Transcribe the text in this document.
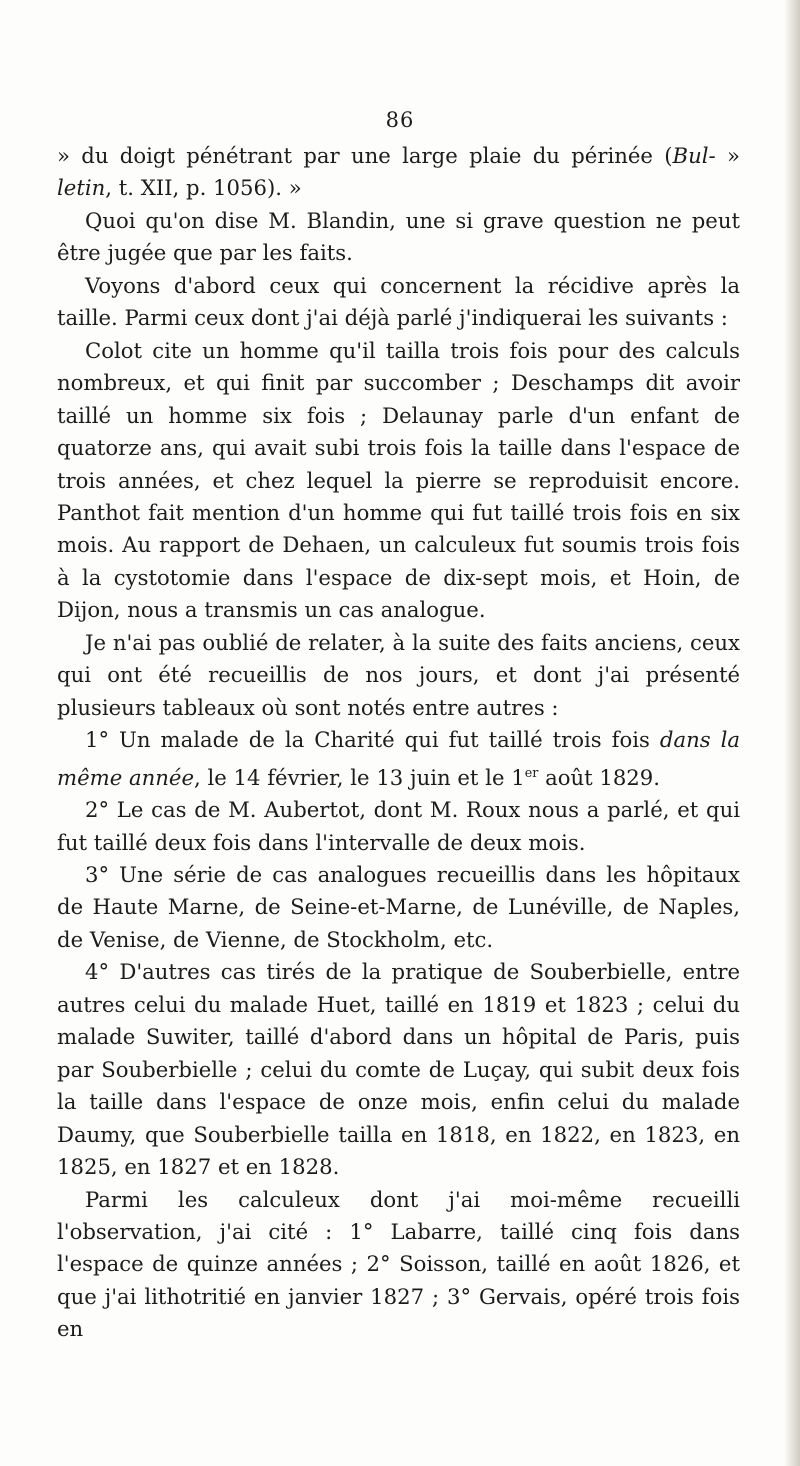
86

» du doigt pénétrant par une large plaie du périnée (Bul- » letin, t. XII, p. 1056). »

Quoi qu'on dise M. Blandin, une si grave question ne peut être jugée que par les faits.

Voyons d'abord ceux qui concernent la récidive après la taille. Parmi ceux dont j'ai déjà parlé j'indiquerai les suivants :

Colot cite un homme qu'il tailla trois fois pour des calculs nombreux, et qui finit par succomber ; Deschamps dit avoir taillé un homme six fois ; Delaunay parle d'un enfant de quatorze ans, qui avait subi trois fois la taille dans l'espace de trois années, et chez lequel la pierre se reproduisit encore. Panthot fait mention d'un homme qui fut taillé trois fois en six mois. Au rapport de Dehaen, un calculeux fut soumis trois fois à la cystotomie dans l'espace de dix-sept mois, et Hoin, de Dijon, nous a transmis un cas analogue.

Je n'ai pas oublié de relater, à la suite des faits anciens, ceux qui ont été recueillis de nos jours, et dont j'ai présenté plusieurs tableaux où sont notés entre autres :

1° Un malade de la Charité qui fut taillé trois fois dans la même année, le 14 février, le 13 juin et le 1er août 1829.

2° Le cas de M. Aubertot, dont M. Roux nous a parlé, et qui fut taillé deux fois dans l'intervalle de deux mois.

3° Une série de cas analogues recueillis dans les hôpitaux de Haute Marne, de Seine-et-Marne, de Lunéville, de Naples, de Venise, de Vienne, de Stockholm, etc.

4° D'autres cas tirés de la pratique de Souberbielle, entre autres celui du malade Huet, taillé en 1819 et 1823 ; celui du malade Suwiter, taillé d'abord dans un hôpital de Paris, puis par Souberbielle ; celui du comte de Luçay, qui subit deux fois la taille dans l'espace de onze mois, enfin celui du malade Daumy, que Souberbielle tailla en 1818, en 1822, en 1823, en 1825, en 1827 et en 1828.

Parmi les calculeux dont j'ai moi-même recueilli l'observation, j'ai cité : 1° Labarre, taillé cinq fois dans l'espace de quinze années ; 2° Soisson, taillé en août 1826, et que j'ai lithotritié en janvier 1827 ; 3° Gervais, opéré trois fois en
